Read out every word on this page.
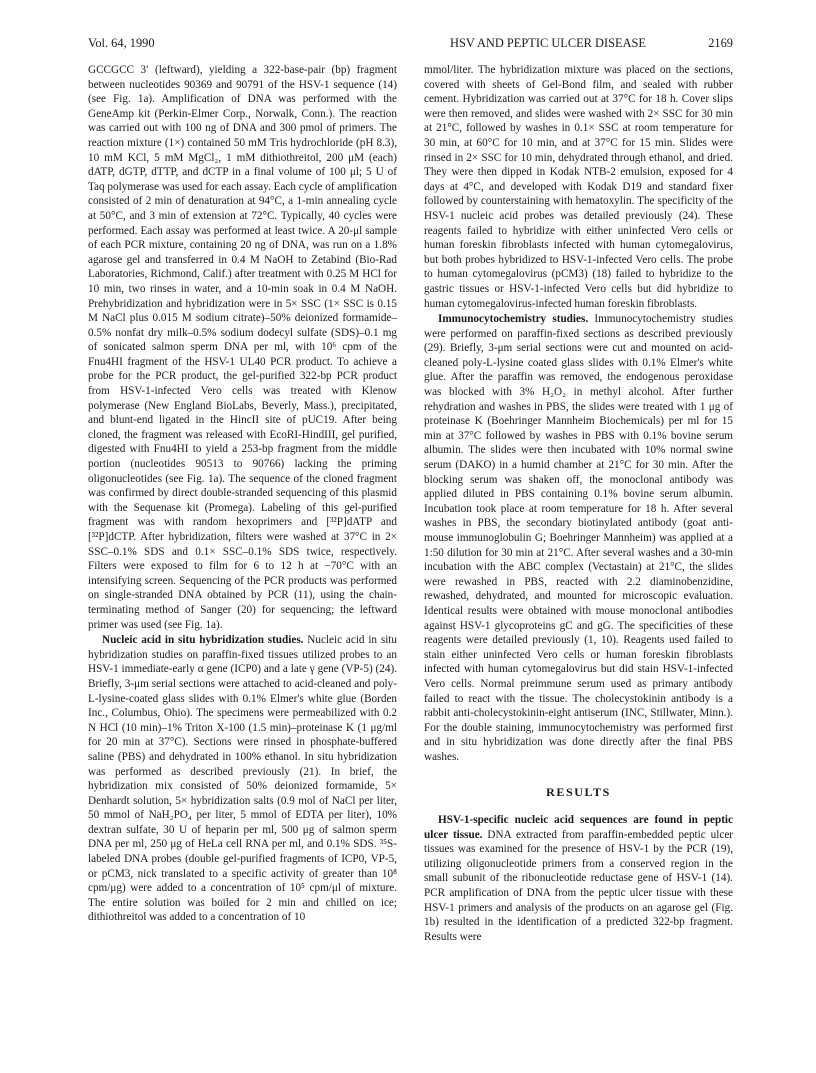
Vol. 64, 1990	HSV AND PEPTIC ULCER DISEASE	2169

GCCGCC 3′ (leftward), yielding a 322-base-pair (bp) fragment between nucleotides 90369 and 90791 of the HSV-1 sequence (14) (see Fig. 1a). Amplification of DNA was performed with the GeneAmp kit (Perkin-Elmer Corp., Norwalk, Conn.). The reaction was carried out with 100 ng of DNA and 300 pmol of primers. The reaction mixture (1×) contained 50 mM Tris hydrochloride (pH 8.3), 10 mM KCl, 5 mM MgCl₂, 1 mM dithiothreitol, 200 μM (each) dATP, dGTP, dTTP, and dCTP in a final volume of 100 μl; 5 U of Taq polymerase was used for each assay. Each cycle of amplification consisted of 2 min of denaturation at 94°C, a 1-min annealing cycle at 50°C, and 3 min of extension at 72°C. Typically, 40 cycles were performed. Each assay was performed at least twice. A 20-μl sample of each PCR mixture, containing 20 ng of DNA, was run on a 1.8% agarose gel and transferred in 0.4 M NaOH to Zetabind (Bio-Rad Laboratories, Richmond, Calif.) after treatment with 0.25 M HCl for 10 min, two rinses in water, and a 10-min soak in 0.4 M NaOH. Prehybridization and hybridization were in 5× SSC (1× SSC is 0.15 M NaCl plus 0.015 M sodium citrate)–50% deionized formamide–0.5% nonfat dry milk–0.5% sodium dodecyl sulfate (SDS)–0.1 mg of sonicated salmon sperm DNA per ml, with 10⁶ cpm of the Fnu4HI fragment of the HSV-1 UL40 PCR product. To achieve a probe for the PCR product, the gel-purified 322-bp PCR product from HSV-1-infected Vero cells was treated with Klenow polymerase (New England BioLabs, Beverly, Mass.), precipitated, and blunt-end ligated in the HincII site of pUC19. After being cloned, the fragment was released with EcoRI-HindIII, gel purified, digested with Fnu4HI to yield a 253-bp fragment from the middle portion (nucleotides 90513 to 90766) lacking the priming oligonucleotides (see Fig. 1a). The sequence of the cloned fragment was confirmed by direct double-stranded sequencing of this plasmid with the Sequenase kit (Promega). Labeling of this gel-purified fragment was with random hexoprimers and [³²P]dATP and [³²P]dCTP. After hybridization, filters were washed at 37°C in 2× SSC–0.1% SDS and 0.1× SSC–0.1% SDS twice, respectively. Filters were exposed to film for 6 to 12 h at −70°C with an intensifying screen. Sequencing of the PCR products was performed on single-stranded DNA obtained by PCR (11), using the chain-terminating method of Sanger (20) for sequencing; the leftward primer was used (see Fig. 1a).

Nucleic acid in situ hybridization studies. Nucleic acid in situ hybridization studies on paraffin-fixed tissues utilized probes to an HSV-1 immediate-early α gene (ICP0) and a late γ gene (VP-5) (24). Briefly, 3-μm serial sections were attached to acid-cleaned and poly-L-lysine-coated glass slides with 0.1% Elmer's white glue (Borden Inc., Columbus, Ohio). The specimens were permeabilized with 0.2 N HCl (10 min)–1% Triton X-100 (1.5 min)–proteinase K (1 μg/ml for 20 min at 37°C). Sections were rinsed in phosphate-buffered saline (PBS) and dehydrated in 100% ethanol. In situ hybridization was performed as described previously (21). In brief, the hybridization mix consisted of 50% deionized formamide, 5× Denhardt solution, 5× hybridization salts (0.9 mol of NaCl per liter, 50 mmol of NaH₂PO₄ per liter, 5 mmol of EDTA per liter), 10% dextran sulfate, 30 U of heparin per ml, 500 μg of salmon sperm DNA per ml, 250 μg of HeLa cell RNA per ml, and 0.1% SDS. ³⁵S-labeled DNA probes (double gel-purified fragments of ICP0, VP-5, or pCM3, nick translated to a specific activity of greater than 10⁸ cpm/μg) were added to a concentration of 10⁵ cpm/μl of mixture. The entire solution was boiled for 2 min and chilled on ice; dithiothreitol was added to a concentration of 10

mmol/liter. The hybridization mixture was placed on the sections, covered with sheets of Gel-Bond film, and sealed with rubber cement. Hybridization was carried out at 37°C for 18 h. Cover slips were then removed, and slides were washed with 2× SSC for 30 min at 21°C, followed by washes in 0.1× SSC at room temperature for 30 min, at 60°C for 10 min, and at 37°C for 15 min. Slides were rinsed in 2× SSC for 10 min, dehydrated through ethanol, and dried. They were then dipped in Kodak NTB-2 emulsion, exposed for 4 days at 4°C, and developed with Kodak D19 and standard fixer followed by counterstaining with hematoxylin. The specificity of the HSV-1 nucleic acid probes was detailed previously (24). These reagents failed to hybridize with either uninfected Vero cells or human foreskin fibroblasts infected with human cytomegalovirus, but both probes hybridized to HSV-1-infected Vero cells. The probe to human cytomegalovirus (pCM3) (18) failed to hybridize to the gastric tissues or HSV-1-infected Vero cells but did hybridize to human cytomegalovirus-infected human foreskin fibroblasts.

Immunocytochemistry studies. Immunocytochemistry studies were performed on paraffin-fixed sections as described previously (29). Briefly, 3-μm serial sections were cut and mounted on acid-cleaned poly-L-lysine coated glass slides with 0.1% Elmer's white glue. After the paraffin was removed, the endogenous peroxidase was blocked with 3% H₂O₂ in methyl alcohol. After further rehydration and washes in PBS, the slides were treated with 1 μg of proteinase K (Boehringer Mannheim Biochemicals) per ml for 15 min at 37°C followed by washes in PBS with 0.1% bovine serum albumin. The slides were then incubated with 10% normal swine serum (DAKO) in a humid chamber at 21°C for 30 min. After the blocking serum was shaken off, the monoclonal antibody was applied diluted in PBS containing 0.1% bovine serum albumin. Incubation took place at room temperature for 18 h. After several washes in PBS, the secondary biotinylated antibody (goat anti-mouse immunoglobulin G; Boehringer Mannheim) was applied at a 1:50 dilution for 30 min at 21°C. After several washes and a 30-min incubation with the ABC complex (Vectastain) at 21°C, the slides were rewashed in PBS, reacted with 2.2 diaminobenzidine, rewashed, dehydrated, and mounted for microscopic evaluation. Identical results were obtained with mouse monoclonal antibodies against HSV-1 glycoproteins gC and gG. The specificities of these reagents were detailed previously (1, 10). Reagents used failed to stain either uninfected Vero cells or human foreskin fibroblasts infected with human cytomegalovirus but did stain HSV-1-infected Vero cells. Normal preimmune serum used as primary antibody failed to react with the tissue. The cholecystokinin antibody is a rabbit anti-cholecystokinin-eight antiserum (INC, Stillwater, Minn.). For the double staining, immunocytochemistry was performed first and in situ hybridization was done directly after the final PBS washes.

RESULTS

HSV-1-specific nucleic acid sequences are found in peptic ulcer tissue. DNA extracted from paraffin-embedded peptic ulcer tissues was examined for the presence of HSV-1 by the PCR (19), utilizing oligonucleotide primers from a conserved region in the small subunit of the ribonucleotide reductase gene of HSV-1 (14). PCR amplification of DNA from the peptic ulcer tissue with these HSV-1 primers and analysis of the products on an agarose gel (Fig. 1b) resulted in the identification of a predicted 322-bp fragment. Results were
